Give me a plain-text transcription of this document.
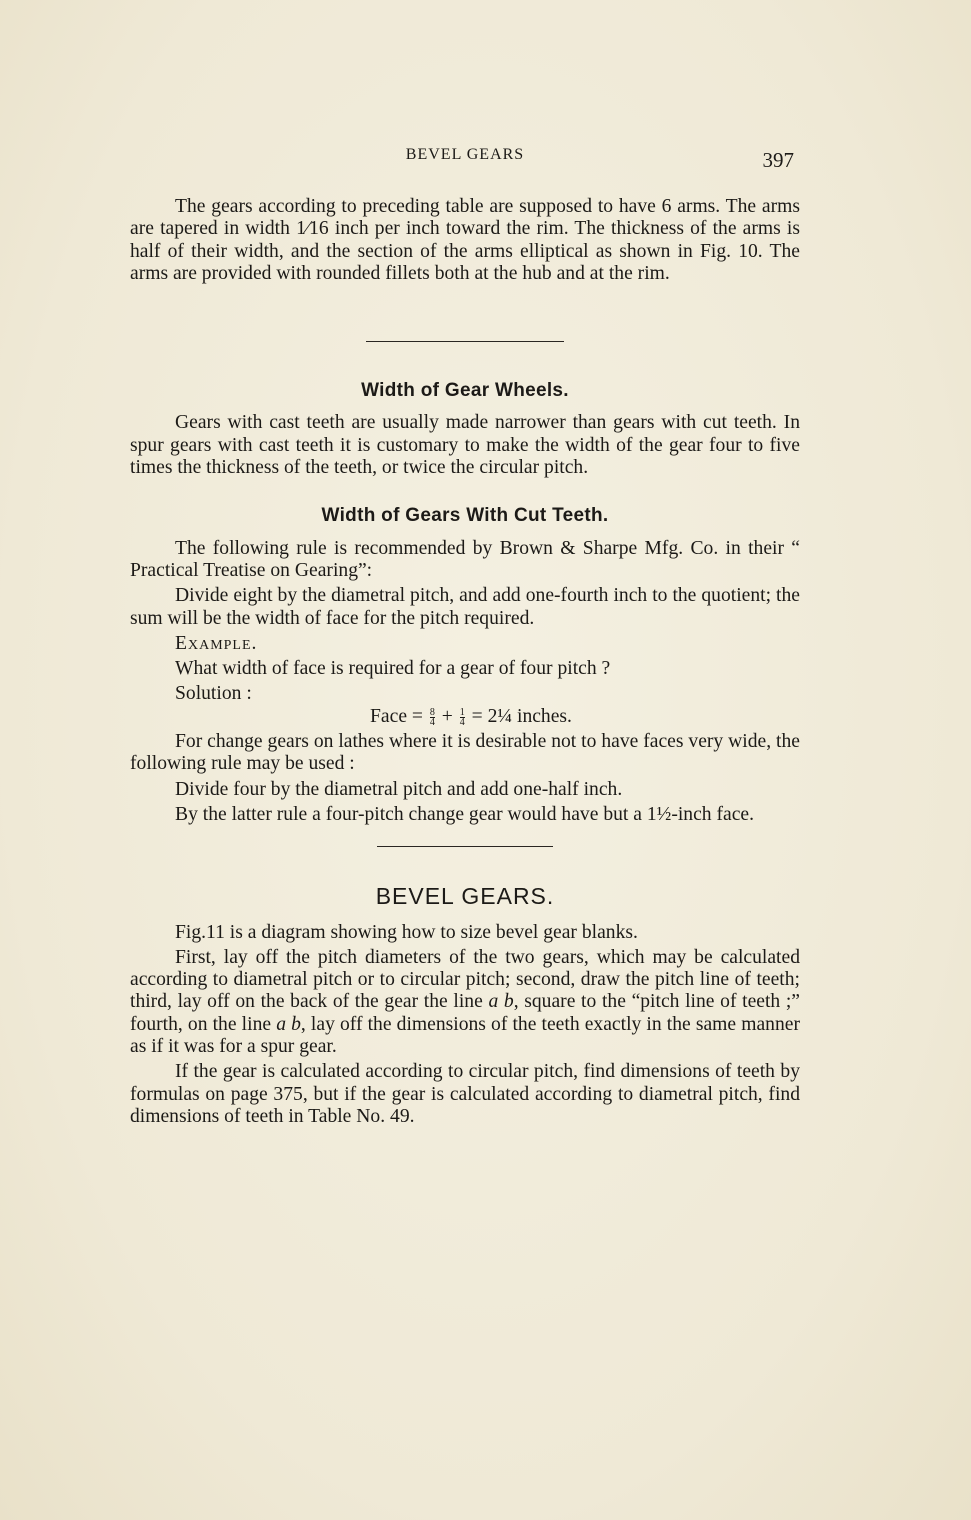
BEVEL GEARS	397

The gears according to preceding table are supposed to have 6 arms. The arms are tapered in width 1⁄16 inch per inch toward the rim. The thickness of the arms is half of their width, and the section of the arms elliptical as shown in Fig. 10. The arms are provided with rounded fillets both at the hub and at the rim.

Width of Gear Wheels.

Gears with cast teeth are usually made narrower than gears with cut teeth. In spur gears with cast teeth it is customary to make the width of the gear four to five times the thickness of the teeth, or twice the circular pitch.

Width of Gears With Cut Teeth.

The following rule is recommended by Brown & Sharpe Mfg. Co. in their “ Practical Treatise on Gearing”:

Divide eight by the diametral pitch, and add one-fourth inch to the quotient; the sum will be the width of face for the pitch required.

Example.

What width of face is required for a gear of four pitch ?

Solution :

Face = $\frac{8}{4} + \frac{1}{4}$ = 2¼ inches.

For change gears on lathes where it is desirable not to have faces very wide, the following rule may be used :

Divide four by the diametral pitch and add one-half inch.

By the latter rule a four-pitch change gear would have but a 1½-inch face.

BEVEL GEARS.

Fig.11 is a diagram showing how to size bevel gear blanks.

First, lay off the pitch diameters of the two gears, which may be calculated according to diametral pitch or to circular pitch; second, draw the pitch line of teeth; third, lay off on the back of the gear the line a b, square to the “pitch line of teeth ;” fourth, on the line a b, lay off the dimensions of the teeth exactly in the same manner as if it was for a spur gear.

If the gear is calculated according to circular pitch, find dimensions of teeth by formulas on page 375, but if the gear is calculated according to diametral pitch, find dimensions of teeth in Table No. 49.
